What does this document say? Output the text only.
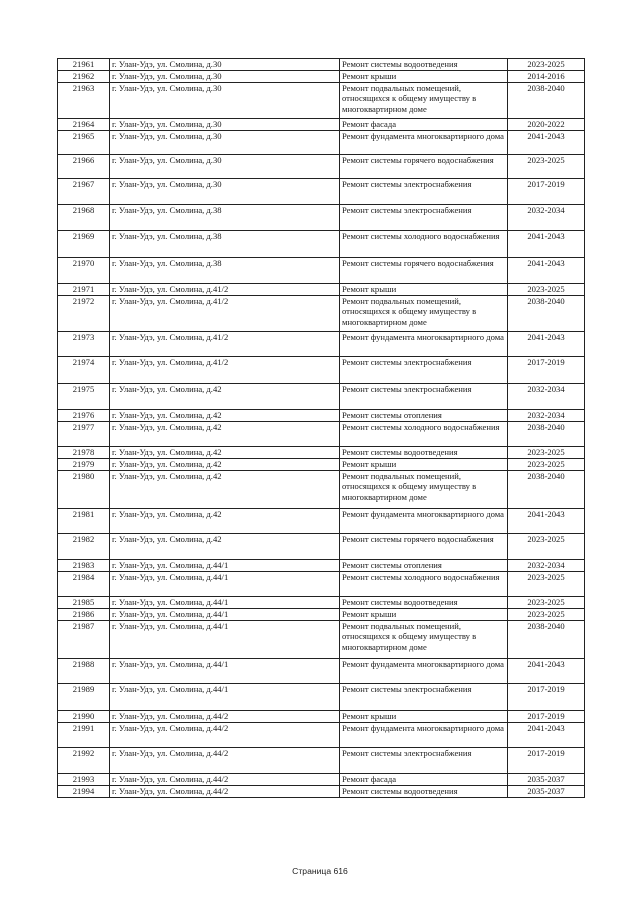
21961	г. Улан-Удэ, ул. Смолина, д.30	Ремонт системы водоотведения	2023-2025
21962	г. Улан-Удэ, ул. Смолина, д.30	Ремонт крыши	2014-2016
21963	г. Улан-Удэ, ул. Смолина, д.30	Ремонт подвальных помещений, относящихся к общему имуществу в многоквартирном доме	2038-2040
21964	г. Улан-Удэ, ул. Смолина, д.30	Ремонт фасада	2020-2022
21965	г. Улан-Удэ, ул. Смолина, д.30	Ремонт фундамента многоквартирного дома	2041-2043
21966	г. Улан-Удэ, ул. Смолина, д.30	Ремонт системы горячего водоснабжения	2023-2025
21967	г. Улан-Удэ, ул. Смолина, д.30	Ремонт системы электроснабжения	2017-2019
21968	г. Улан-Удэ, ул. Смолина, д.38	Ремонт системы электроснабжения	2032-2034
21969	г. Улан-Удэ, ул. Смолина, д.38	Ремонт системы холодного водоснабжения	2041-2043
21970	г. Улан-Удэ, ул. Смолина, д.38	Ремонт системы горячего водоснабжения	2041-2043
21971	г. Улан-Удэ, ул. Смолина, д.41/2	Ремонт крыши	2023-2025
21972	г. Улан-Удэ, ул. Смолина, д.41/2	Ремонт подвальных помещений, относящихся к общему имуществу в многоквартирном доме	2038-2040
21973	г. Улан-Удэ, ул. Смолина, д.41/2	Ремонт фундамента многоквартирного дома	2041-2043
21974	г. Улан-Удэ, ул. Смолина, д.41/2	Ремонт системы электроснабжения	2017-2019
21975	г. Улан-Удэ, ул. Смолина, д.42	Ремонт системы электроснабжения	2032-2034
21976	г. Улан-Удэ, ул. Смолина, д.42	Ремонт системы отопления	2032-2034
21977	г. Улан-Удэ, ул. Смолина, д.42	Ремонт системы холодного водоснабжения	2038-2040
21978	г. Улан-Удэ, ул. Смолина, д.42	Ремонт системы водоотведения	2023-2025
21979	г. Улан-Удэ, ул. Смолина, д.42	Ремонт крыши	2023-2025
21980	г. Улан-Удэ, ул. Смолина, д.42	Ремонт подвальных помещений, относящихся к общему имуществу в многоквартирном доме	2038-2040
21981	г. Улан-Удэ, ул. Смолина, д.42	Ремонт фундамента многоквартирного дома	2041-2043
21982	г. Улан-Удэ, ул. Смолина, д.42	Ремонт системы горячего водоснабжения	2023-2025
21983	г. Улан-Удэ, ул. Смолина, д.44/1	Ремонт системы отопления	2032-2034
21984	г. Улан-Удэ, ул. Смолина, д.44/1	Ремонт системы холодного водоснабжения	2023-2025
21985	г. Улан-Удэ, ул. Смолина, д.44/1	Ремонт системы водоотведения	2023-2025
21986	г. Улан-Удэ, ул. Смолина, д.44/1	Ремонт крыши	2023-2025
21987	г. Улан-Удэ, ул. Смолина, д.44/1	Ремонт подвальных помещений, относящихся к общему имуществу в многоквартирном доме	2038-2040
21988	г. Улан-Удэ, ул. Смолина, д.44/1	Ремонт фундамента многоквартирного дома	2041-2043
21989	г. Улан-Удэ, ул. Смолина, д.44/1	Ремонт системы электроснабжения	2017-2019
21990	г. Улан-Удэ, ул. Смолина, д.44/2	Ремонт крыши	2017-2019
21991	г. Улан-Удэ, ул. Смолина, д.44/2	Ремонт фундамента многоквартирного дома	2041-2043
21992	г. Улан-Удэ, ул. Смолина, д.44/2	Ремонт системы электроснабжения	2017-2019
21993	г. Улан-Удэ, ул. Смолина, д.44/2	Ремонт фасада	2035-2037
21994	г. Улан-Удэ, ул. Смолина, д.44/2	Ремонт системы водоотведения	2035-2037
Страница 616
